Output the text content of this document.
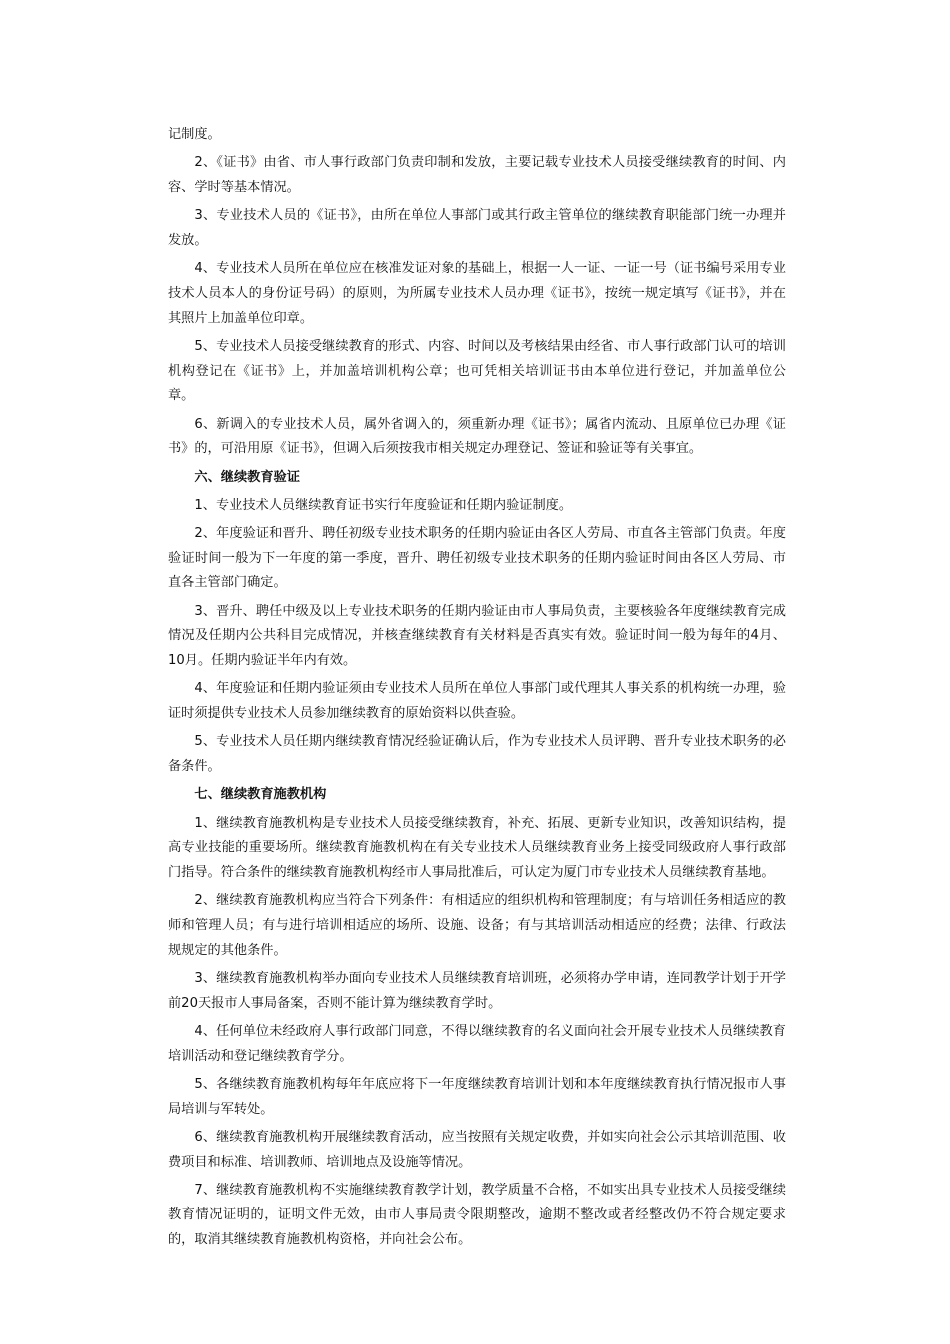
记制度。

2、《证书》由省、市人事行政部门负责印制和发放，主要记载专业技术人员接受继续教育的时间、内容、学时等基本情况。

3、专业技术人员的《证书》，由所在单位人事部门或其行政主管单位的继续教育职能部门统一办理并发放。

4、专业技术人员所在单位应在核准发证对象的基础上，根据一人一证、一证一号（证书编号采用专业技术人员本人的身份证号码）的原则，为所属专业技术人员办理《证书》，按统一规定填写《证书》，并在其照片上加盖单位印章。

5、专业技术人员接受继续教育的形式、内容、时间以及考核结果由经省、市人事行政部门认可的培训机构登记在《证书》上，并加盖培训机构公章；也可凭相关培训证书由本单位进行登记，并加盖单位公章。

6、新调入的专业技术人员，属外省调入的，须重新办理《证书》；属省内流动、且原单位已办理《证书》的，可沿用原《证书》，但调入后须按我市相关规定办理登记、签证和验证等有关事宜。

六、继续教育验证

1、专业技术人员继续教育证书实行年度验证和任期内验证制度。

2、年度验证和晋升、聘任初级专业技术职务的任期内验证由各区人劳局、市直各主管部门负责。年度验证时间一般为下一年度的第一季度，晋升、聘任初级专业技术职务的任期内验证时间由各区人劳局、市直各主管部门确定。

3、晋升、聘任中级及以上专业技术职务的任期内验证由市人事局负责，主要核验各年度继续教育完成情况及任期内公共科目完成情况，并核查继续教育有关材料是否真实有效。验证时间一般为每年的4月、10月。任期内验证半年内有效。

4、年度验证和任期内验证须由专业技术人员所在单位人事部门或代理其人事关系的机构统一办理，验证时须提供专业技术人员参加继续教育的原始资料以供查验。

5、专业技术人员任期内继续教育情况经验证确认后，作为专业技术人员评聘、晋升专业技术职务的必备条件。

七、继续教育施教机构

1、继续教育施教机构是专业技术人员接受继续教育，补充、拓展、更新专业知识，改善知识结构，提高专业技能的重要场所。继续教育施教机构在有关专业技术人员继续教育业务上接受同级政府人事行政部门指导。符合条件的继续教育施教机构经市人事局批准后，可认定为厦门市专业技术人员继续教育基地。

2、继续教育施教机构应当符合下列条件：有相适应的组织机构和管理制度；有与培训任务相适应的教师和管理人员；有与进行培训相适应的场所、设施、设备；有与其培训活动相适应的经费；法律、行政法规规定的其他条件。

3、继续教育施教机构举办面向专业技术人员继续教育培训班，必须将办学申请，连同教学计划于开学前20天报市人事局备案，否则不能计算为继续教育学时。

4、任何单位未经政府人事行政部门同意，不得以继续教育的名义面向社会开展专业技术人员继续教育培训活动和登记继续教育学分。

5、各继续教育施教机构每年年底应将下一年度继续教育培训计划和本年度继续教育执行情况报市人事局培训与军转处。

6、继续教育施教机构开展继续教育活动，应当按照有关规定收费，并如实向社会公示其培训范围、收费项目和标准、培训教师、培训地点及设施等情况。

7、继续教育施教机构不实施继续教育教学计划，教学质量不合格，不如实出具专业技术人员接受继续教育情况证明的，证明文件无效，由市人事局责令限期整改，逾期不整改或者经整改仍不符合规定要求的，取消其继续教育施教机构资格，并向社会公布。
